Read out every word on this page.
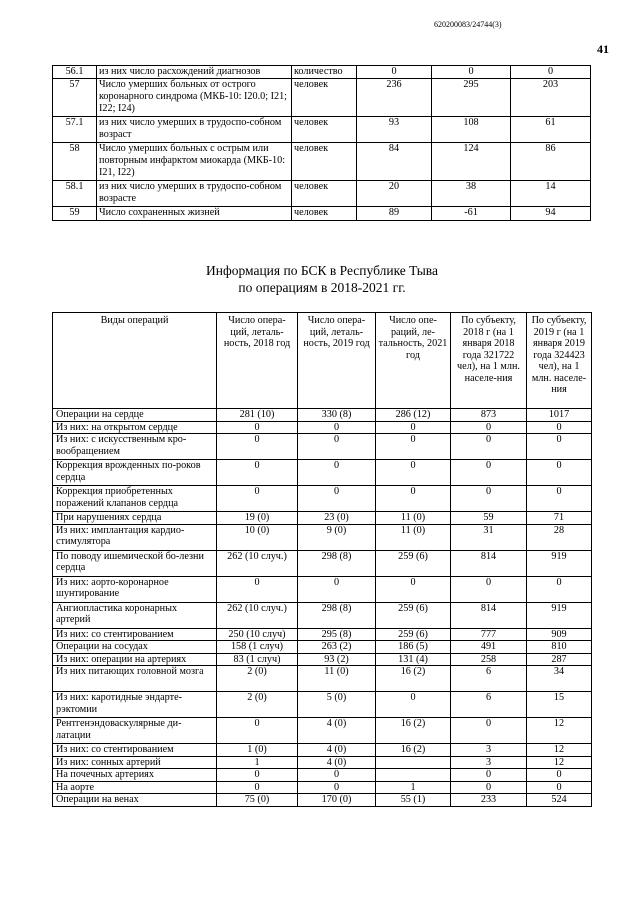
620200083/24744(3)
41
56.1	из них число расхождений диагнозов	количество	0	0	0
57	Число умерших больных от острого коронарного синдрома (МКБ-10: I20.0; I21; I22; I24)	человек	236	295	203
57.1	из них число умерших в трудоспо-собном возраст	человек	93	108	61
58	Число умерших больных с острым или повторным инфарктом миокарда (МКБ-10: I21, I22)	человек	84	124	86
58.1	из них число умерших в трудоспо-собном возрасте	человек	20	38	14
59	Число сохраненных жизней	человек	89	-61	94
Информация по БСК в Республике Тыва
по операциям в 2018-2021 гг.
Виды операций	Число опера-ций, леталь-ность, 2018 год	Число опера-ций, леталь-ность, 2019 год	Число опе-раций, ле-тальность, 2021 год	По субъекту, 2018 г (на 1 января 2018 года 321722 чел), на 1 млн. населе-ния	По субъекту, 2019 г (на 1 января 2019 года 324423 чел), на 1 млн. населе-ния
Операции на сердце	281 (10)	330 (8)	286 (12)	873	1017
Из них: на открытом сердце	0	0	0	0	0
Из них: с искусственным кро-вообращением	0	0	0	0	0
Коррекция врожденных по-роков сердца	0	0	0	0	0
Коррекция приобретенных поражений клапанов сердца	0	0	0	0	0
При нарушениях сердца	19 (0)	23 (0)	11 (0)	59	71
Из них: имплантация кардио-стимулятора	10 (0)	9 (0)	11 (0)	31	28
По поводу ишемической бо-лезни сердца	262 (10 случ.)	298 (8)	259 (6)	814	919
Из них: аорто-коронарное шунтирование	0	0	0	0	0
Ангиопластика коронарных артерий	262 (10 случ.)	298 (8)	259 (6)	814	919
Из них: со стентированием	250 (10 случ)	295 (8)	259 (6)	777	909
Операции на сосудах	158 (1 случ)	263 (2)	186 (5)	491	810
Из них: операции на артериях	83 (1 случ)	93 (2)	131 (4)	258	287
Из них питающих головной мозга	2 (0)	11 (0)	16 (2)	6	34
Из них: каротидные эндарте-рэктомии	2 (0)	5 (0)	0	6	15
Рентгенэндоваскулярные ди-латации	0	4 (0)	16 (2)	0	12
Из них: со стентированием	1 (0)	4 (0)	16 (2)	3	12
Из них: сонных артерий	1	4 (0)		3	12
На почечных артериях	0	0		0	0
На аорте	0	0	1	0	0
Операции на венах	75 (0)	170 (0)	55 (1)	233	524
